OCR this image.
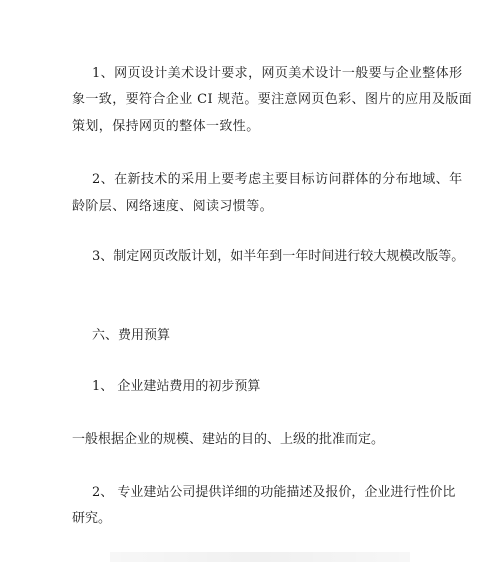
1、网页设计美术设计要求，网页美术设计一般要与企业整体形
象一致，要符合企业 CI 规范。要注意网页色彩、图片的应用及版面
策划，保持网页的整体一致性。

2、在新技术的采用上要考虑主要目标访问群体的分布地域、年
龄阶层、网络速度、阅读习惯等。

3、制定网页改版计划，如半年到一年时间进行较大规模改版等。

六、费用预算

1、 企业建站费用的初步预算

一般根据企业的规模、建站的目的、上级的批准而定。

2、 专业建站公司提供详细的功能描述及报价，企业进行性价比
研究。
